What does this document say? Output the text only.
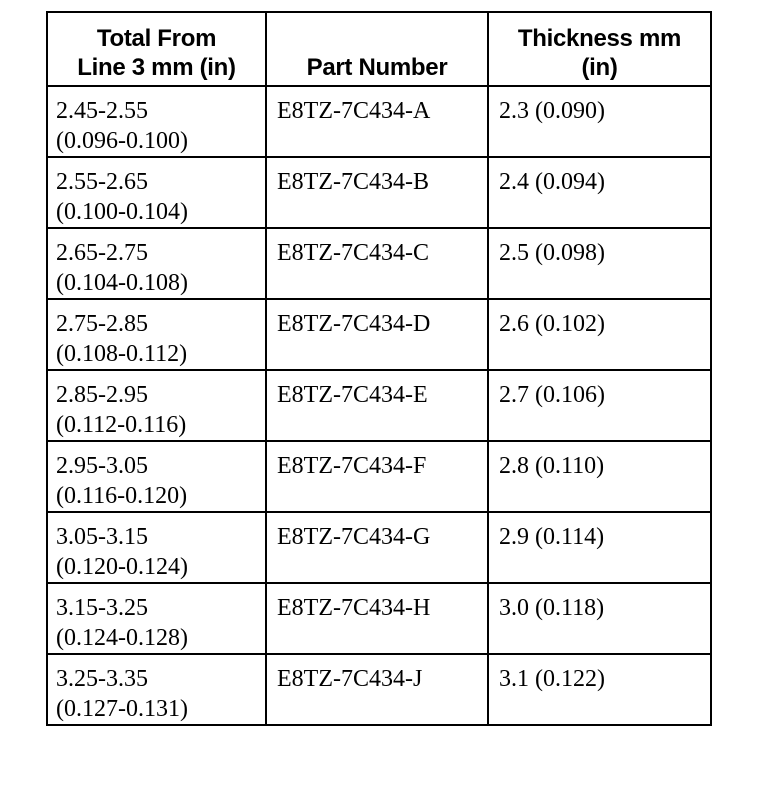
Total From
Line 3 mm (in)	Part Number	Thickness mm
(in)

2.45-2.55
(0.096-0.100)	E8TZ-7C434-A	2.3 (0.090)

2.55-2.65
(0.100-0.104)	E8TZ-7C434-B	2.4 (0.094)

2.65-2.75
(0.104-0.108)	E8TZ-7C434-C	2.5 (0.098)

2.75-2.85
(0.108-0.112)	E8TZ-7C434-D	2.6 (0.102)

2.85-2.95
(0.112-0.116)	E8TZ-7C434-E	2.7 (0.106)

2.95-3.05
(0.116-0.120)	E8TZ-7C434-F	2.8 (0.110)

3.05-3.15
(0.120-0.124)	E8TZ-7C434-G	2.9 (0.114)

3.15-3.25
(0.124-0.128)	E8TZ-7C434-H	3.0 (0.118)

3.25-3.35
(0.127-0.131)	E8TZ-7C434-J	3.1 (0.122)
